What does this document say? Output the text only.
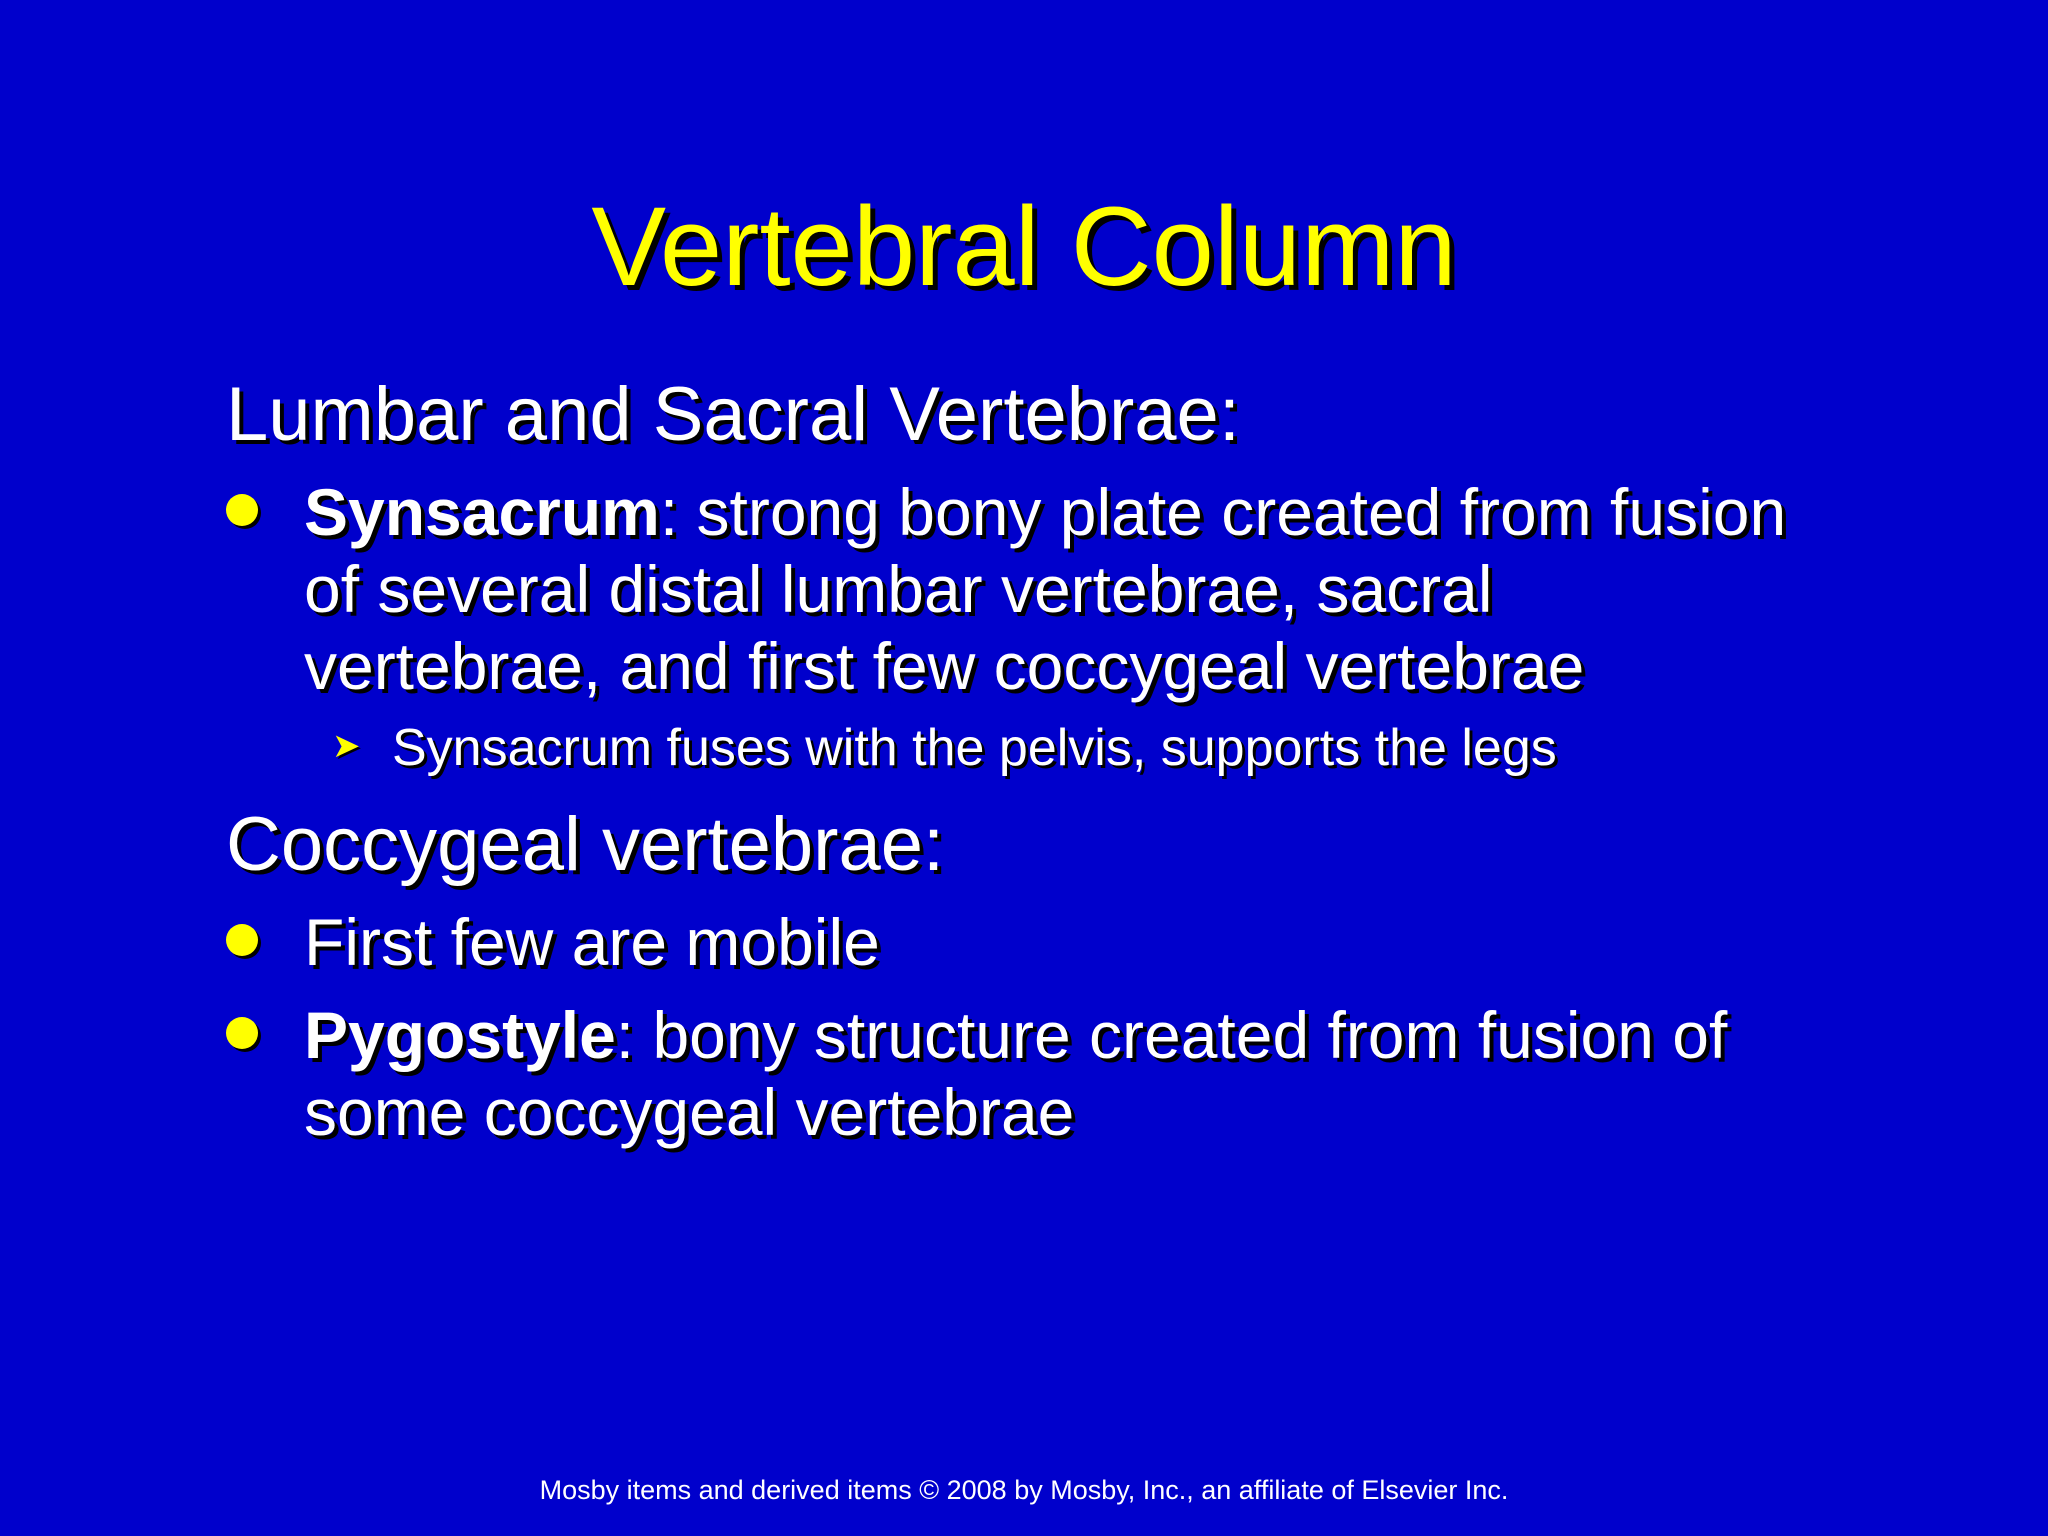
Vertebral Column
Lumbar and Sacral Vertebrae:
Synsacrum: strong bony plate created from fusion of several distal lumbar vertebrae, sacral vertebrae, and first few coccygeal vertebrae
➤ Synsacrum fuses with the pelvis, supports the legs
Coccygeal vertebrae:
First few are mobile
Pygostyle: bony structure created from fusion of some coccygeal vertebrae
Mosby items and derived items © 2008 by Mosby, Inc., an affiliate of Elsevier Inc.
